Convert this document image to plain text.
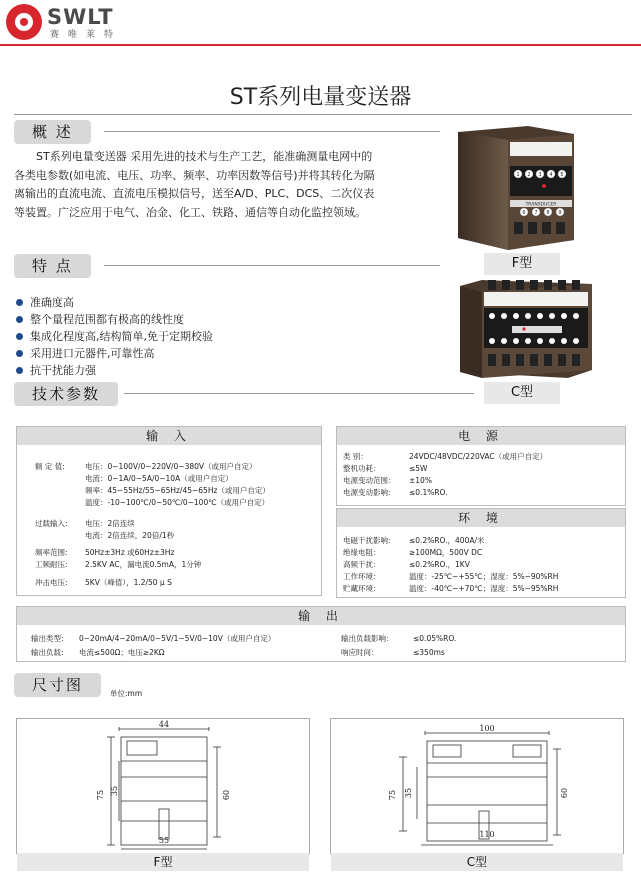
SWLT
赛唯莱特
ST系列电量变送器
概 述
ST系列电量变送器 采用先进的技术与生产工艺，能准确测量电网中的各类电参数(如电流、电压、功率、频率、功率因数等信号)并将其转化为隔离输出的直流电流、直流电压模拟信号，送至A/D、PLC、DCS、二次仪表等装置。广泛应用于电气、冶金、化工、铁路、通信等自动化监控领域。
特 点
准确度高
整个量程范围都有极高的线性度
集成化程度高,结构简单,免于定期校验
采用进口元器件,可靠性高
抗干扰能力强
1 2 3 4 5
6 7 8 9
TRANSDUCER
F型
C型
技术参数
输 入
额 定 值:	电压：0~100V/0~220V/0~380V（或用户自定）
电流：0~1A/0~5A/0~10A（或用户自定）
频率：45~55Hz/55~65Hz/45~65Hz（或用户自定）
温度：-10~100℃/0~50℃/0~100℃（或用户自定）
过载输入: 电压：2倍连续
电流：2倍连续，20倍/1秒
频率范围: 50Hz±3Hz 或60Hz±3Hz
工频耐压: 2.5KV AC，漏电流0.5mA，1分钟
冲击电压: 5KV（峰值），1.2/50 μ S
电 源
类 别：	24VDC/48VDC/220VAC（或用户自定）
整机功耗：	≤5W
电源变动范围： ±10%
电源变动影响： ≤0.1%RO.
环 境
电磁干扰影响： ≤0.2%RO.，400A/米
绝缘电阻：	≥100MΩ，500V DC
高频干扰：	≤0.2%RO.，1KV
工作环境：	温度：-25℃~+55℃；湿度：5%~90%RH
贮藏环境：	温度：-40℃~+70℃；湿度：5%~95%RH
输 出
输出类型: 0~20mA/4~20mA/0~5V/1~5V/0~10V（或用户自定）
输出负载: 电流≤500Ω；电压≥2KΩ
输出负载影响：	≤0.05%RO.
响应时间：	≤350ms
尺寸图	单位:mm
44
55
75 35	60
F型
100
110
75 35	60
C型
